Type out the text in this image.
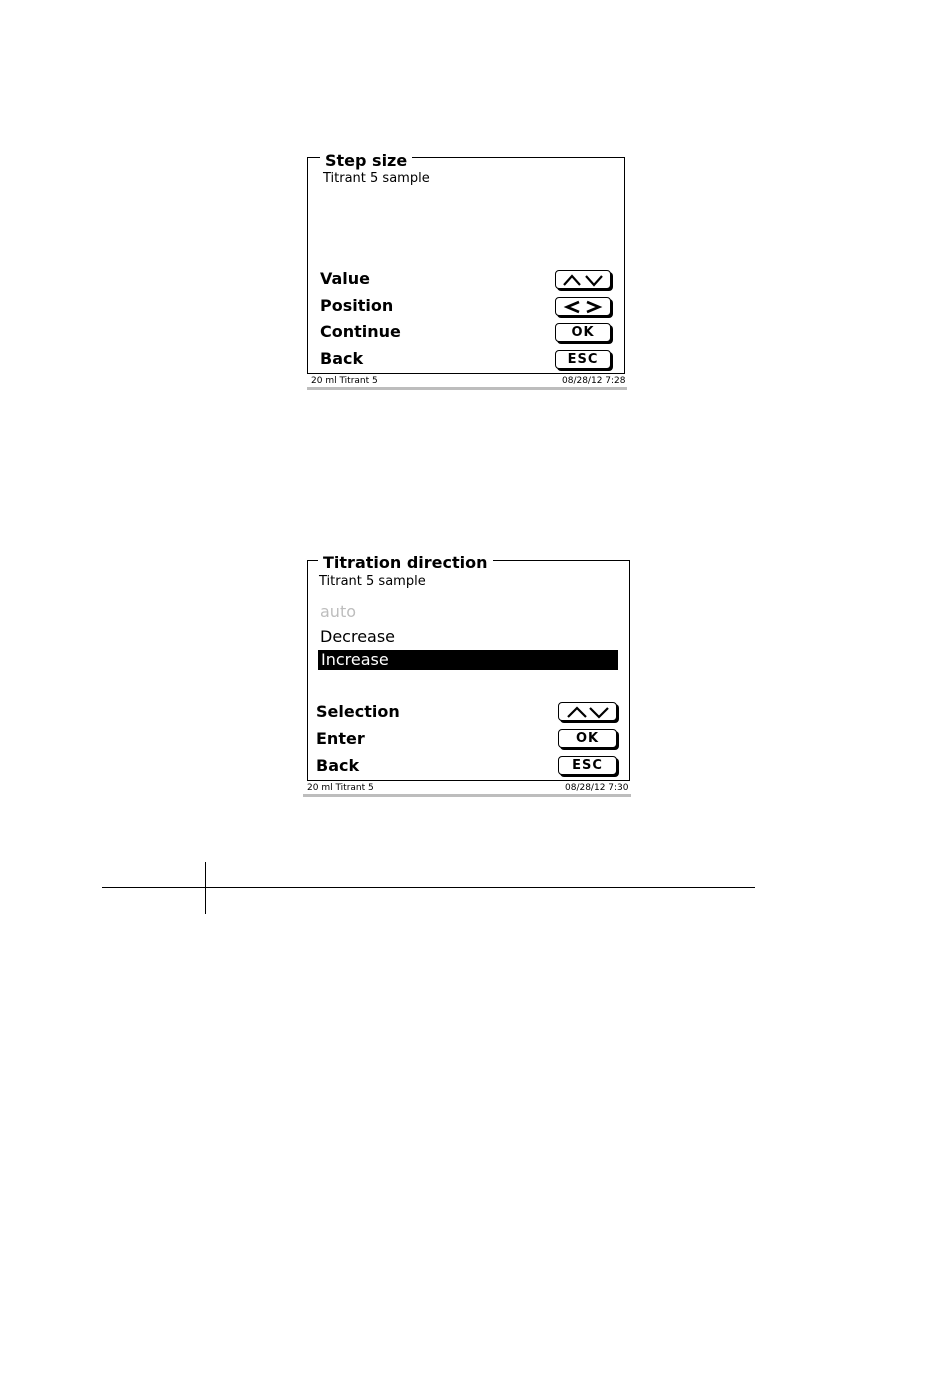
Step size
Titrant 5 sample
Value
Position
Continue	OK
Back	ESC
20 ml Titrant 5	08/28/12 7:28
Titration direction
Titrant 5 sample
auto
Decrease
Increase
Selection
Enter	OK
Back	ESC
20 ml Titrant 5	08/28/12 7:30
